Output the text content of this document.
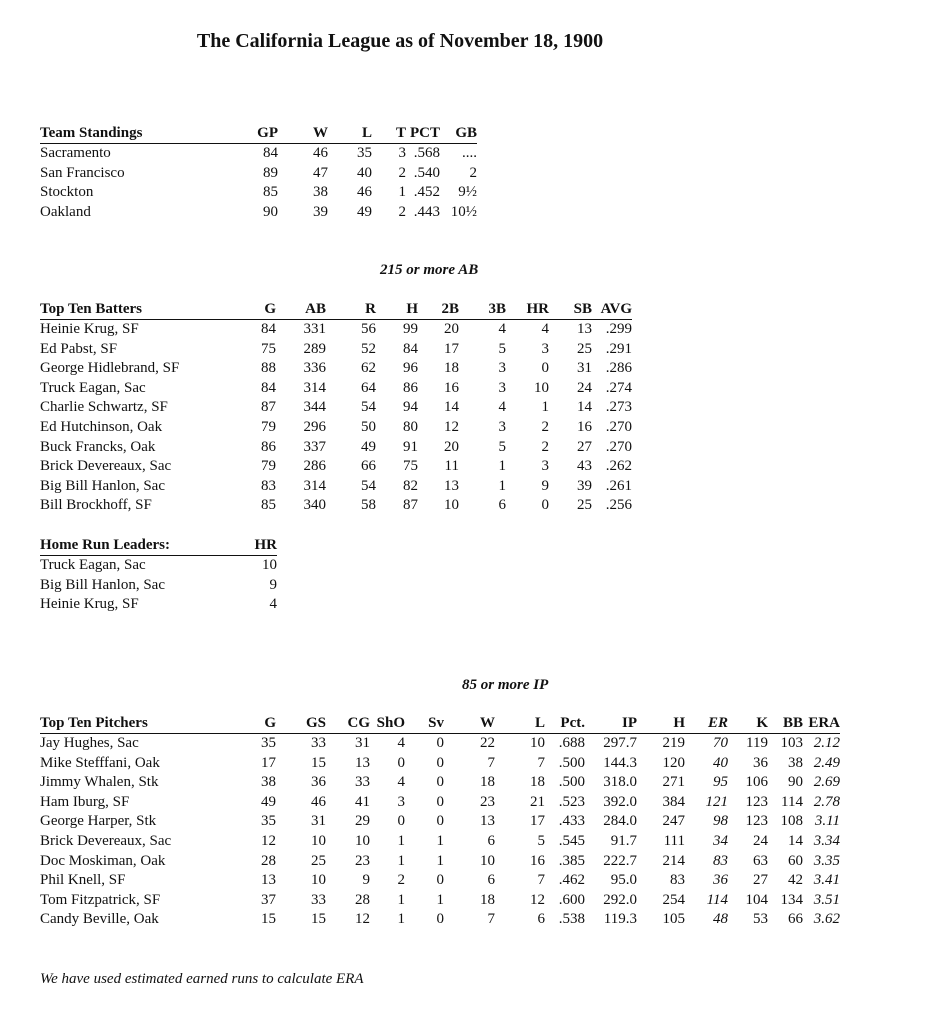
The California League as of November 18, 1900
Team Standings	GP	W	L	T	PCT	GB
Sacramento	84	46	35	3	.568	....
San Francisco	89	47	40	2	.540	2
Stockton	85	38	46	1	.452	9½
Oakland	90	39	49	2	.443	10½
215 or more AB
Top Ten Batters	G	AB	R	H	2B	3B	HR	SB	AVG
Heinie Krug, SF	84	331	56	99	20	4	4	13	.299
Ed Pabst, SF	75	289	52	84	17	5	3	25	.291
George Hidlebrand, SF	88	336	62	96	18	3	0	31	.286
Truck Eagan, Sac	84	314	64	86	16	3	10	24	.274
Charlie Schwartz, SF	87	344	54	94	14	4	1	14	.273
Ed Hutchinson, Oak	79	296	50	80	12	3	2	16	.270
Buck Francks, Oak	86	337	49	91	20	5	2	27	.270
Brick Devereaux, Sac	79	286	66	75	11	1	3	43	.262
Big Bill Hanlon, Sac	83	314	54	82	13	1	9	39	.261
Bill Brockhoff, SF	85	340	58	87	10	6	0	25	.256
Home Run Leaders:	HR
Truck Eagan, Sac	10
Big Bill Hanlon, Sac	9
Heinie Krug, SF	4
85 or more IP
Top Ten Pitchers	G	GS	CG	ShO	Sv	W	L	Pct.	IP	H	ER	K	BB	ERA
Jay Hughes, Sac	35	33	31	4	0	22	10	.688	297.7	219	70	119	103	2.12
Mike Stefffani, Oak	17	15	13	0	0	7	7	.500	144.3	120	40	36	38	2.49
Jimmy Whalen, Stk	38	36	33	4	0	18	18	.500	318.0	271	95	106	90	2.69
Ham Iburg, SF	49	46	41	3	0	23	21	.523	392.0	384	121	123	114	2.78
George Harper, Stk	35	31	29	0	0	13	17	.433	284.0	247	98	123	108	3.11
Brick Devereaux, Sac	12	10	10	1	1	6	5	.545	91.7	111	34	24	14	3.34
Doc Moskiman, Oak	28	25	23	1	1	10	16	.385	222.7	214	83	63	60	3.35
Phil Knell, SF	13	10	9	2	0	6	7	.462	95.0	83	36	27	42	3.41
Tom Fitzpatrick, SF	37	33	28	1	1	18	12	.600	292.0	254	114	104	134	3.51
Candy Beville, Oak	15	15	12	1	0	7	6	.538	119.3	105	48	53	66	3.62
We have used estimated earned runs to calculate ERA
